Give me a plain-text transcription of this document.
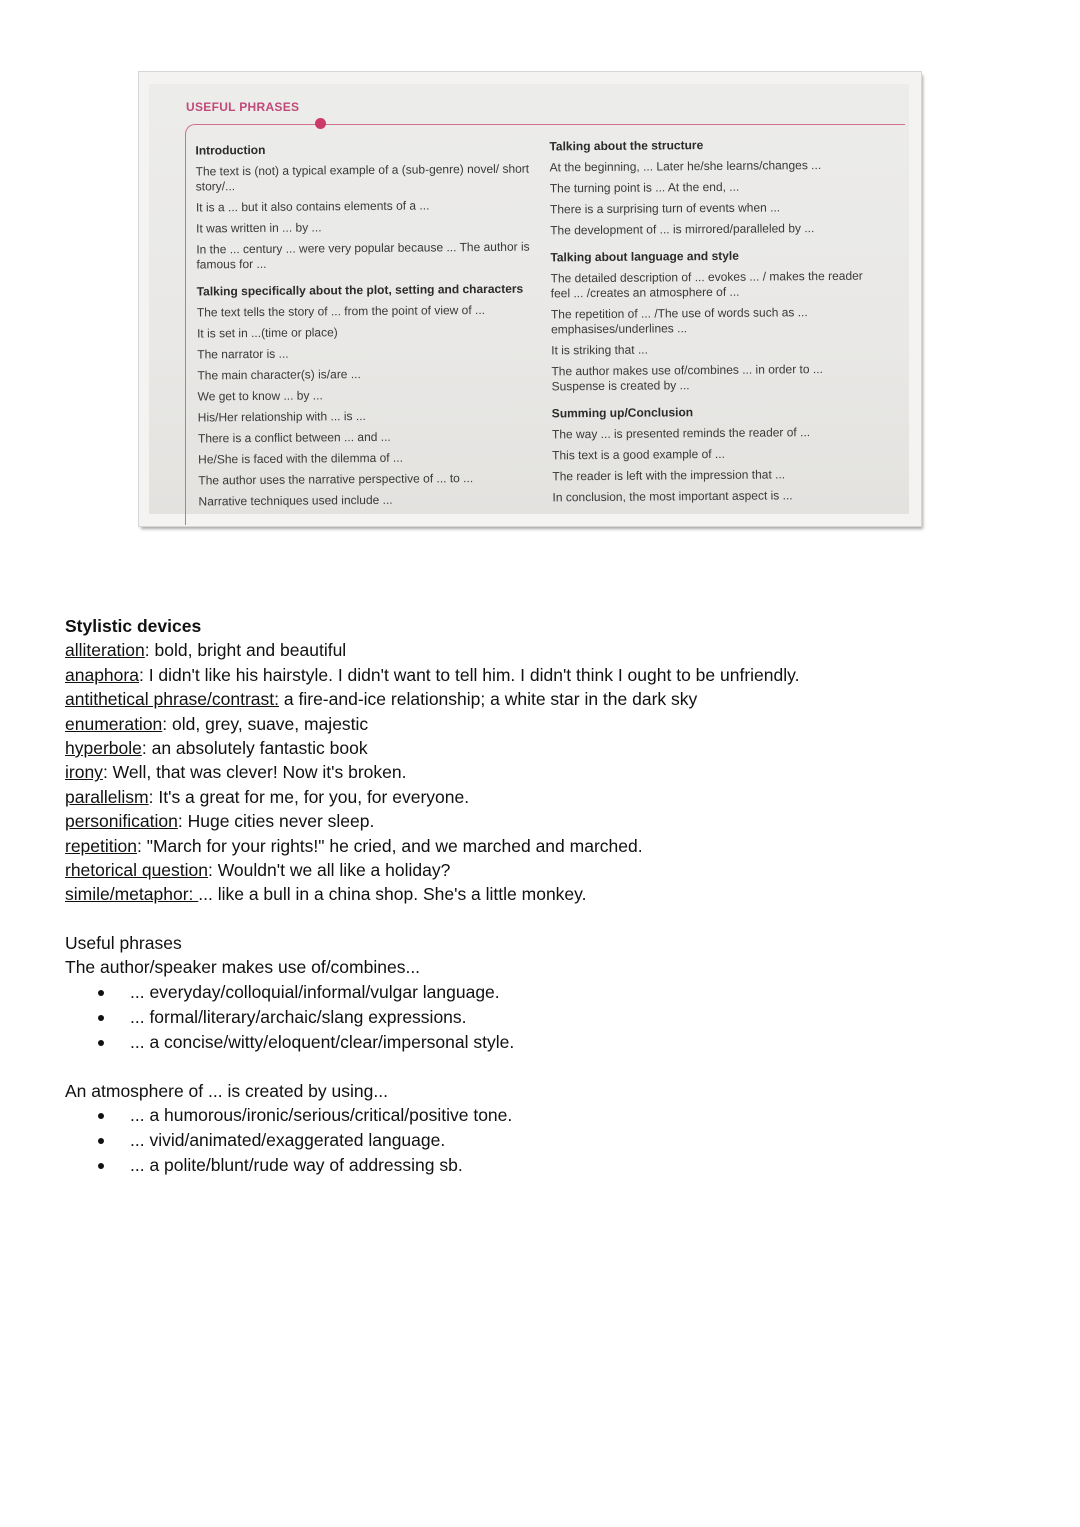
USEFUL PHRASES
Introduction
The text is (not) a typical example of a (sub-genre) novel/ short story/...
It is a ... but it also contains elements of a ...
It was written in ... by ...
In the ... century ... were very popular because ... The author is famous for ...
Talking specifically about the plot, setting and characters
The text tells the story of ... from the point of view of ...
It is set in ...(time or place)
The narrator is ...
The main character(s) is/are ...
We get to know ... by ...
His/Her relationship with ... is ...
There is a conflict between ... and ...
He/She is faced with the dilemma of ...
The author uses the narrative perspective of ... to ...
Narrative techniques used include ...
Talking about the structure
At the beginning, ... Later he/she learns/changes ...
The turning point is ... At the end, ...
There is a surprising turn of events when ...
The development of ... is mirrored/paralleled by ...
Talking about language and style
The detailed description of ... evokes ... / makes the reader feel ... /creates an atmosphere of ...
The repetition of ... /The use of words such as ... emphasises/underlines ...
It is striking that ...
The author makes use of/combines ... in order to ... Suspense is created by ...
Summing up/Conclusion
The way ... is presented reminds the reader of ...
This text is a good example of ...
The reader is left with the impression that ...
In conclusion, the most important aspect is ...
Stylistic devices
alliteration: bold, bright and beautiful
anaphora: I didn't like his hairstyle. I didn't want to tell him. I didn't think I ought to be unfriendly.
antithetical phrase/contrast: a fire-and-ice relationship; a white star in the dark sky
enumeration: old, grey, suave, majestic
hyperbole: an absolutely fantastic book
irony: Well, that was clever! Now it's broken.
parallelism: It's a great for me, for you, for everyone.
personification: Huge cities never sleep.
repetition: "March for your rights!" he cried, and we marched and marched.
rhetorical question: Wouldn't we all like a holiday?
simile/metaphor: ... like a bull in a china shop. She's a little monkey.
Useful phrases
The author/speaker makes use of/combines...
... everyday/colloquial/informal/vulgar language.
... formal/literary/archaic/slang expressions.
... a concise/witty/eloquent/clear/impersonal style.
An atmosphere of ... is created by using...
... a humorous/ironic/serious/critical/positive tone.
... vivid/animated/exaggerated language.
... a polite/blunt/rude way of addressing sb.
